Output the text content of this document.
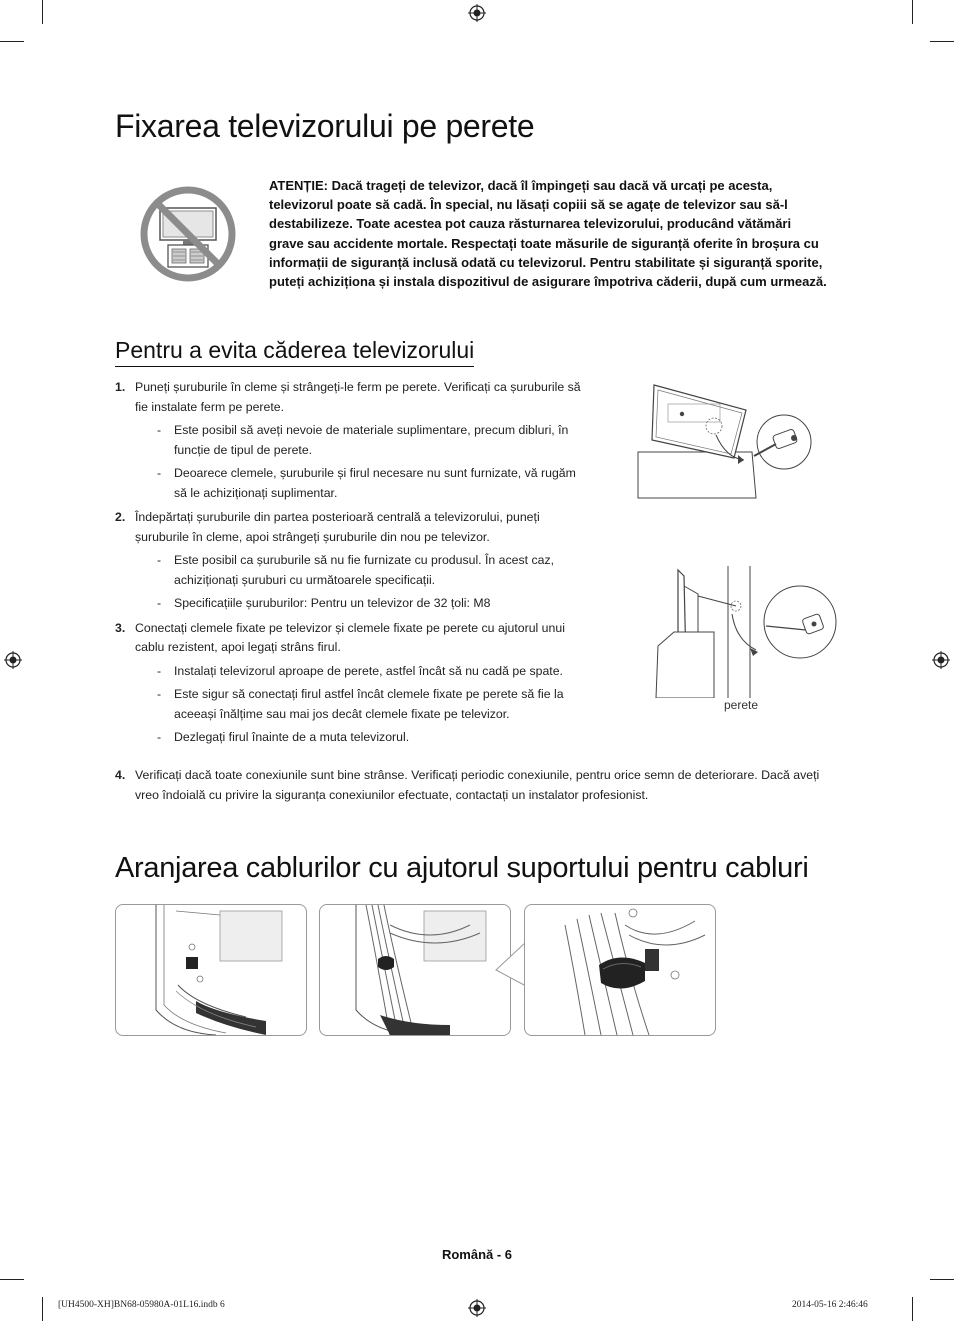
Fixarea televizorului pe perete
ATENȚIE: Dacă trageți de televizor, dacă îl împingeți sau dacă vă urcați pe acesta, televizorul poate să cadă. În special, nu lăsați copiii să se agațe de televizor sau să-l destabilizeze. Toate acestea pot cauza răsturnarea televizorului, producând vătămări grave sau accidente mortale. Respectați toate măsurile de siguranță oferite în broșura cu informații de siguranță inclusă odată cu televizorul. Pentru stabilitate și siguranță sporite, puteți achiziționa și instala dispozitivul de asigurare împotriva căderii, după cum urmează.
Pentru a evita căderea televizorului
1. Puneți șuruburile în cleme și strângeți-le ferm pe perete. Verificați ca șuruburile să fie instalate ferm pe perete.
- Este posibil să aveți nevoie de materiale suplimentare, precum dibluri, în funcție de tipul de perete.
- Deoarece clemele, șuruburile și firul necesare nu sunt furnizate, vă rugăm să le achiziționați suplimentar.
2. Îndepărtați șuruburile din partea posterioară centrală a televizorului, puneți șuruburile în cleme, apoi strângeți șuruburile din nou pe televizor.
- Este posibil ca șuruburile să nu fie furnizate cu produsul. În acest caz, achiziționați șuruburi cu următoarele specificații.
- Specificațiile șuruburilor: Pentru un televizor de 32 țoli: M8
3. Conectați clemele fixate pe televizor și clemele fixate pe perete cu ajutorul unui cablu rezistent, apoi legați strâns firul.
- Instalați televizorul aproape de perete, astfel încât să nu cadă pe spate.
- Este sigur să conectați firul astfel încât clemele fixate pe perete să fie la aceeași înălțime sau mai jos decât clemele fixate pe televizor.
- Dezlegați firul înainte de a muta televizorul.
4. Verificați dacă toate conexiunile sunt bine strânse. Verificați periodic conexiunile, pentru orice semn de deteriorare. Dacă aveți vreo îndoială cu privire la siguranța conexiunilor efectuate, contactați un instalator profesionist.
perete
Aranjarea cablurilor cu ajutorul suportului pentru cabluri
Română - 6
[UH4500-XH]BN68-05980A-01L16.indb 6	2014-05-16 2:46:46
